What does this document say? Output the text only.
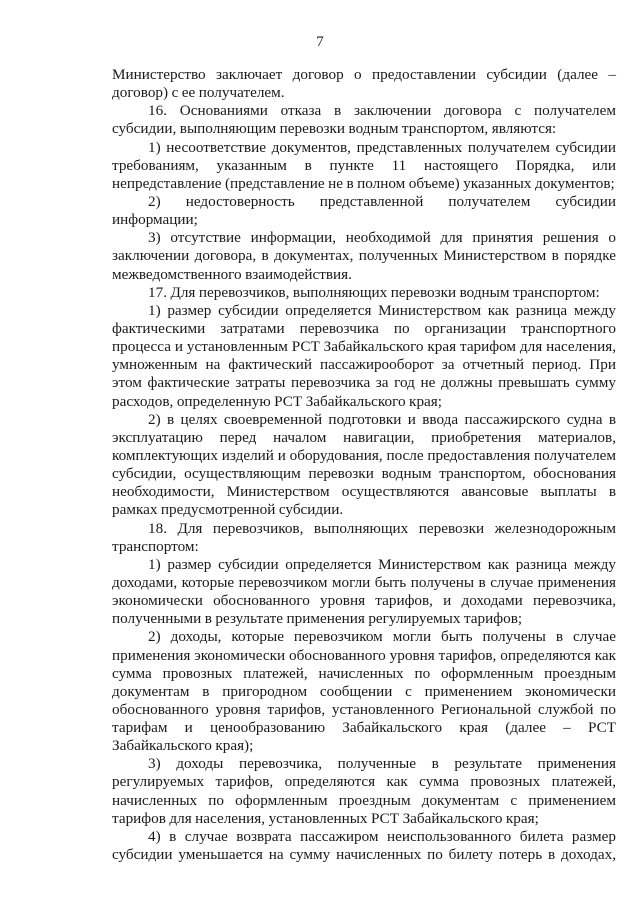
7
Министерство заключает договор о предоставлении субсидии (далее –
договор) с ее получателем.
16. Основаниями отказа в заключении договора с получателем
субсидии, выполняющим перевозки водным транспортом, являются:
1) несоответствие документов, представленных получателем субсидии
требованиям, указанным в пункте 11 настоящего Порядка, или
непредставление (представление не в полном объеме) указанных документов;
2) недостоверность представленной получателем субсидии
информации;
3) отсутствие информации, необходимой для принятия решения о
заключении договора, в документах, полученных Министерством в порядке
межведомственного взаимодействия.
17. Для перевозчиков, выполняющих перевозки водным транспортом:
1) размер субсидии определяется Министерством как разница между
фактическими затратами перевозчика по организации транспортного
процесса и установленным РСТ Забайкальского края тарифом для населения,
умноженным на фактический пассажирооборот за отчетный период. При
этом фактические затраты перевозчика за год не должны превышать сумму
расходов, определенную РСТ Забайкальского края;
2) в целях своевременной подготовки и ввода пассажирского судна в
эксплуатацию перед началом навигации, приобретения материалов,
комплектующих изделий и оборудования, после предоставления получателем
субсидии, осуществляющим перевозки водным транспортом, обоснования
необходимости, Министерством осуществляются авансовые выплаты в
рамках предусмотренной субсидии.
18. Для перевозчиков, выполняющих перевозки железнодорожным
транспортом:
1) размер субсидии определяется Министерством как разница между
доходами, которые перевозчиком могли быть получены в случае применения
экономически обоснованного уровня тарифов, и доходами перевозчика,
полученными в результате применения регулируемых тарифов;
2) доходы, которые перевозчиком могли быть получены в случае
применения экономически обоснованного уровня тарифов, определяются как
сумма провозных платежей, начисленных по оформленным проездным
документам в пригородном сообщении с применением экономически
обоснованного уровня тарифов, установленного Региональной службой по
тарифам и ценообразованию Забайкальского края (далее – РСТ
Забайкальского края);
3) доходы перевозчика, полученные в результате применения
регулируемых тарифов, определяются как сумма провозных платежей,
начисленных по оформленным проездным документам с применением
тарифов для населения, установленных РСТ Забайкальского края;
4) в случае возврата пассажиром неиспользованного билета размер
субсидии уменьшается на сумму начисленных по билету потерь в доходах,
